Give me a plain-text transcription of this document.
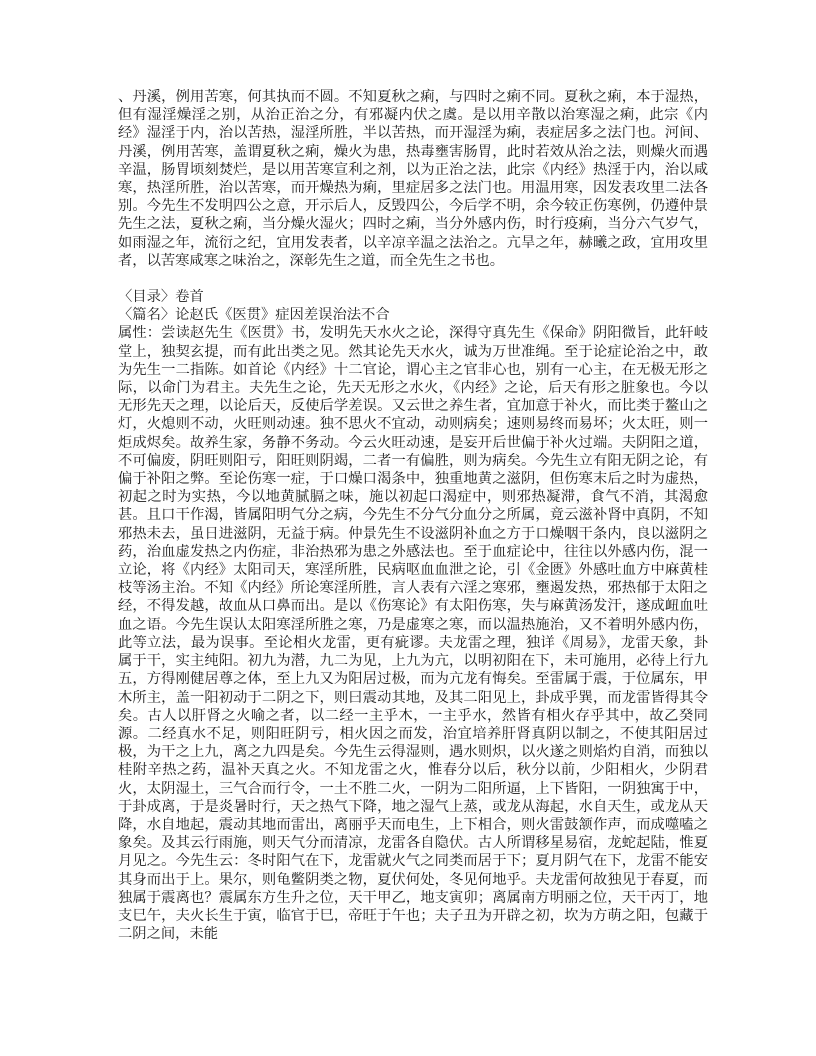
、丹溪，例用苦寒，何其执而不圆。不知夏秋之痢，与四时之痢不同。夏秋之痢，本于湿热，但有湿淫燥淫之别，从治正治之分，有邪凝内伏之虞。是以用辛散以治寒湿之痢，此宗《内经》湿淫于内，治以苦热，湿淫所胜，半以苦热，而开湿淫为痢，表症居多之法门也。河间、丹溪，例用苦寒，盖谓夏秋之痢，燥火为患，热毒壅害肠胃，此时若效从治之法，则燥火而遇辛温，肠胃顷刻焚烂，是以用苦寒宣利之剂，以为正治之法，此宗《内经》热淫于内，治以咸寒，热淫所胜，治以苦寒，而开燥热为痢，里症居多之法门也。用温用寒，因发表攻里二法各别。今先生不发明四公之意，开示后人，反毁四公，今后学不明，余今较正伤寒例，仍遵仲景先生之法，夏秋之痢，当分燥火湿火；四时之痢，当分外感内伤，时行疫痢，当分六气岁气，如雨湿之年，流衍之纪，宜用发表者，以辛凉辛温之法治之。亢旱之年，赫曦之政，宜用攻里者，以苦寒咸寒之味治之，深彰先生之道，而全先生之书也。

〈目录〉卷首
〈篇名〉论赵氏《医贯》症因差误治法不合

属性：尝读赵先生《医贯》书，发明先天水火之论，深得守真先生《保命》阴阳微旨，此轩岐堂上，独契玄提，而有此出类之见。然其论先天水火，诚为万世准绳。至于论症论治之中，敢为先生一二指陈。如首论《内经》十二官论，谓心主之官非心也，别有一心主，在无极无形之际，以命门为君主。夫先生之论，先天无形之水火，《内经》之论，后天有形之脏象也。今以无形先天之理，以论后天，反使后学差误。又云世之养生者，宜加意于补火，而比类于鳌山之灯，火熄则不动，火旺则动速。独不思火不宜动，动则病矣；速则易终而易坏；火太旺，则一炬成烬矣。故养生家，务静不务动。今云火旺动速，是妄开后世偏于补火过端。夫阴阳之道，不可偏废，阴旺则阳亏，阳旺则阴竭，二者一有偏胜，则为病矣。今先生立有阳无阴之论，有偏于补阳之弊。至论伤寒一症，于口燥口渴条中，独重地黄之滋阴，但伤寒末后之时为虚热，初起之时为实热，今以地黄腻膈之味，施以初起口渴症中，则邪热凝滞，食气不消，其渴愈甚。且口干作渴，皆属阳明气分之病，今先生不分气分血分之所属，竟云滋补肾中真阴，不知邪热未去，虽日进滋阴，无益于病。仲景先生不设滋阴补血之方于口燥咽干条内，良以滋阴之药，治血虚发热之内伤症，非治热邪为患之外感法也。至于血症论中，往往以外感内伤，混一立论，将《内经》太阳司天，寒淫所胜，民病呕血血泄之论，引《金匮》外感吐血方中麻黄桂枝等汤主治。不知《内经》所论寒淫所胜，言人表有六淫之寒邪，壅遏发热，邪热郁于太阳之经，不得发越，故血从口鼻而出。是以《伤寒论》有太阳伤寒，失与麻黄汤发汗，遂成衄血吐血之语。今先生误认太阳寒淫所胜之寒，乃是虚寒之寒，而以温热施治，又不着明外感内伤，此等立法，最为误事。至论相火龙雷，更有疵谬。夫龙雷之理，独详《周易》，龙雷天象，卦属于干，实主纯阳。初九为潜，九二为见，上九为亢，以明初阳在下，未可施用，必待上行九五，方得刚健居尊之体，至上九又为阳居过极，而为亢龙有悔矣。至雷属于震，于位属东，甲木所主，盖一阳初动于二阴之下，则曰震动其地，及其二阳见上，卦成乎巽，而龙雷皆得其令矣。古人以肝肾之火喻之者，以二经一主乎木，一主乎水，然皆有相火存乎其中，故乙癸同源。二经真水不足，则阳旺阴亏，相火因之而发，治宜培养肝肾真阴以制之，不使其阳居过极，为干之上九，离之九四是矣。今先生云得湿则，遇水则炽，以火遂之则焰灼自消，而独以桂附辛热之药，温补天真之火。不知龙雷之火，惟春分以后，秋分以前，少阳相火，少阴君火，太阴湿土，三气合而行令，一土不胜二火，一阴为二阳所逼，上下皆阳，一阴独寓于中，于卦成离，于是炎暑时行，天之热气下降，地之湿气上蒸，或龙从海起，水自天生，或龙从天降，水自地起，震动其地而雷出，离丽乎天而电生，上下相合，则火雷鼓颔作声，而成噬嗑之象矣。及其云行雨施，则天气分而清凉，龙雷各自隐伏。古人所谓移星易宿，龙蛇起陆，惟夏月见之。今先生云：冬时阳气在下，龙雷就火气之同类而居于下；夏月阴气在下，龙雷不能安其身而出于上。果尔，则龟鳖阴类之物，夏伏何处，冬见何地乎。夫龙雷何故独见于春夏，而独属于震离也？震属东方生升之位，天干甲乙，地支寅卯；离属南方明丽之位，天干丙丁，地支巳午，夫火长生于寅，临官于巳，帝旺于午也；夫子丑为开辟之初，坎为方萌之阳，包藏于二阴之间，未能
